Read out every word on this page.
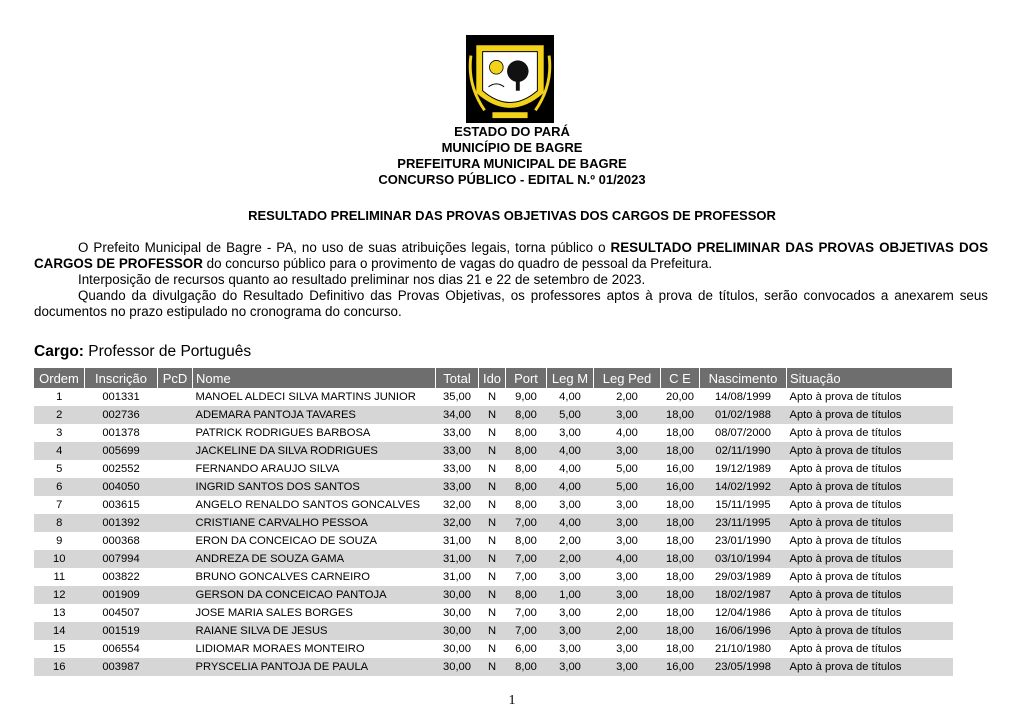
ESTADO DO PARÁ
MUNICÍPIO DE BAGRE
PREFEITURA MUNICIPAL DE BAGRE
CONCURSO PÚBLICO - EDITAL N.º 01/2023
RESULTADO PRELIMINAR DAS PROVAS OBJETIVAS DOS CARGOS DE PROFESSOR

O Prefeito Municipal de Bagre - PA, no uso de suas atribuições legais, torna público o RESULTADO PRELIMINAR DAS PROVAS OBJETIVAS DOS CARGOS DE PROFESSOR do concurso público para o provimento de vagas do quadro de pessoal da Prefeitura.

Interposição de recursos quanto ao resultado preliminar nos dias 21 e 22 de setembro de 2023.

Quando da divulgação do Resultado Definitivo das Provas Objetivas, os professores aptos à prova de títulos, serão convocados a anexarem seus documentos no prazo estipulado no cronograma do concurso.

Cargo: Professor de Português
Ordem	Inscrição	PcD	Nome	Total	Ido	Port	Leg M	Leg Ped	C E	Nascimento	Situação
1	001331		MANOEL ALDECI SILVA MARTINS JUNIOR	35,00	N	9,00	4,00	2,00	20,00	14/08/1999	Apto à prova de títulos
2	002736		ADEMARA PANTOJA TAVARES	34,00	N	8,00	5,00	3,00	18,00	01/02/1988	Apto à prova de títulos
3	001378		PATRICK RODRIGUES BARBOSA	33,00	N	8,00	3,00	4,00	18,00	08/07/2000	Apto à prova de títulos
4	005699		JACKELINE DA SILVA RODRIGUES	33,00	N	8,00	4,00	3,00	18,00	02/11/1990	Apto à prova de títulos
5	002552		FERNANDO ARAUJO SILVA	33,00	N	8,00	4,00	5,00	16,00	19/12/1989	Apto à prova de títulos
6	004050		INGRID SANTOS DOS SANTOS	33,00	N	8,00	4,00	5,00	16,00	14/02/1992	Apto à prova de títulos
7	003615		ANGELO RENALDO SANTOS GONCALVES	32,00	N	8,00	3,00	3,00	18,00	15/11/1995	Apto à prova de títulos
8	001392		CRISTIANE CARVALHO PESSOA	32,00	N	7,00	4,00	3,00	18,00	23/11/1995	Apto à prova de títulos
9	000368		ERON DA CONCEICAO DE SOUZA	31,00	N	8,00	2,00	3,00	18,00	23/01/1990	Apto à prova de títulos
10	007994		ANDREZA DE SOUZA GAMA	31,00	N	7,00	2,00	4,00	18,00	03/10/1994	Apto à prova de títulos
11	003822		BRUNO GONCALVES CARNEIRO	31,00	N	7,00	3,00	3,00	18,00	29/03/1989	Apto à prova de títulos
12	001909		GERSON DA CONCEICAO PANTOJA	30,00	N	8,00	1,00	3,00	18,00	18/02/1987	Apto à prova de títulos
13	004507		JOSE MARIA SALES BORGES	30,00	N	7,00	3,00	2,00	18,00	12/04/1986	Apto à prova de títulos
14	001519		RAIANE SILVA DE JESUS	30,00	N	7,00	3,00	2,00	18,00	16/06/1996	Apto à prova de títulos
15	006554		LIDIOMAR MORAES MONTEIRO	30,00	N	6,00	3,00	3,00	18,00	21/10/1980	Apto à prova de títulos
16	003987		PRYSCELIA PANTOJA DE PAULA	30,00	N	8,00	3,00	3,00	16,00	23/05/1998	Apto à prova de títulos
1
